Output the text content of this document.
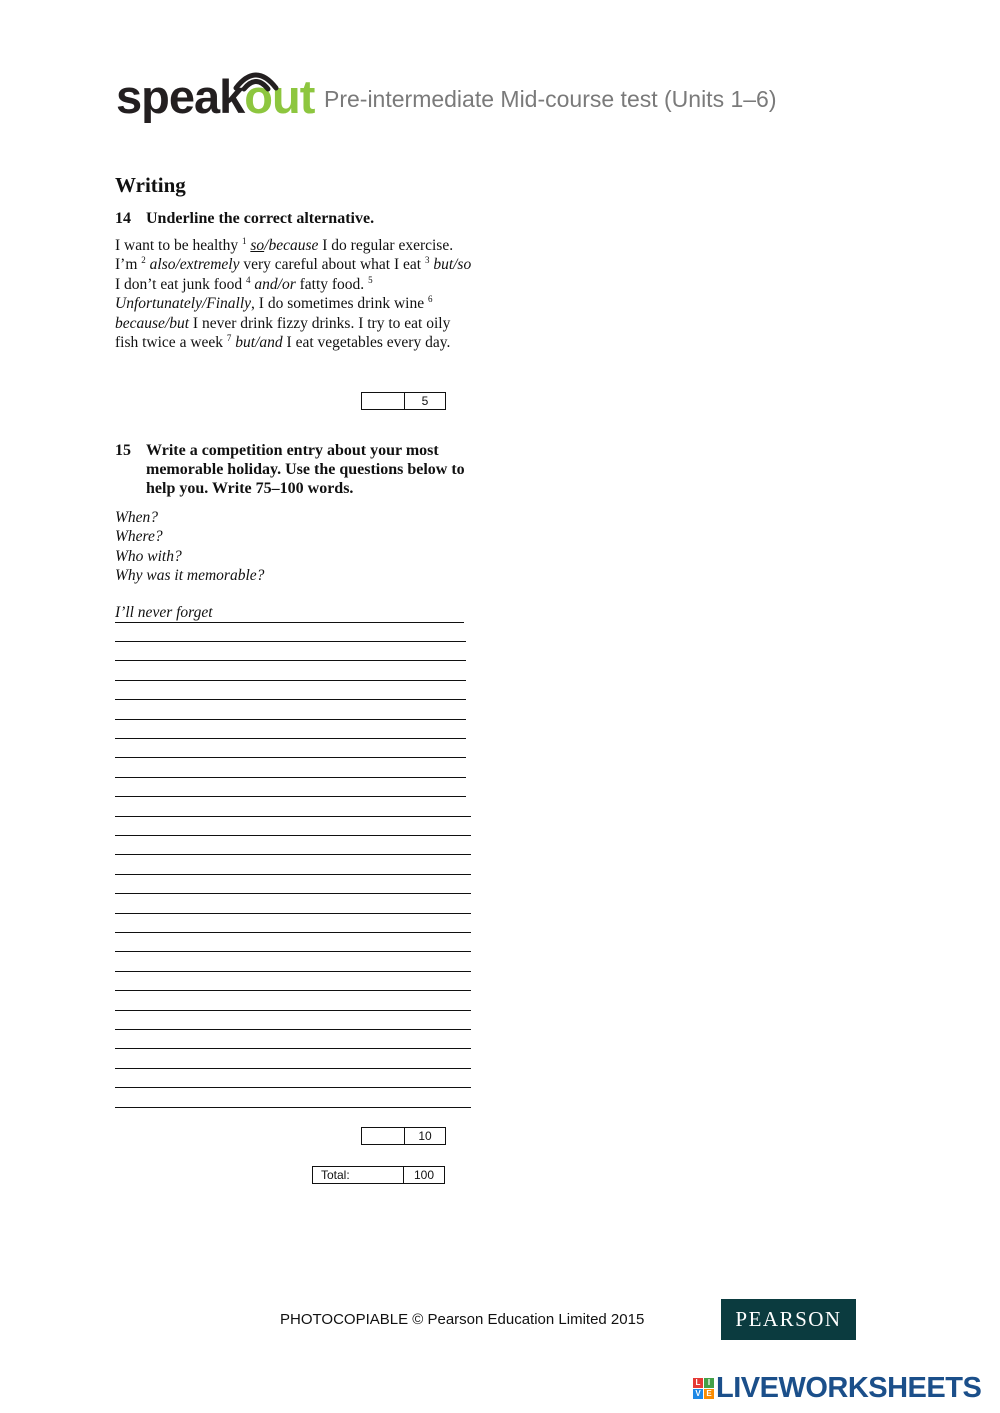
speak out Pre-intermediate Mid-course test (Units 1–6)
Writing
14 Underline the correct alternative.
I want to be healthy $^1$ so/because I do regular exercise. I’m $^2$ also/extremely very careful about what I eat $^3$ but/so I don’t eat junk food $^4$ and/or fatty food. $^5$ Unfortunately/Finally, I do sometimes drink wine $^6$ because/but I never drink fizzy drinks. I try to eat oily fish twice a week $^7$ but/and I eat vegetables every day.
5
15 Write a competition entry about your most memorable holiday. Use the questions below to help you. Write 75–100 words.
When?
Where?
Who with?
Why was it memorable?
I’ll never forget
10
Total:	100
PHOTOCOPIABLE © Pearson Education Limited 2015	PEARSON
L I
V E LIVEWORKSHEETS
